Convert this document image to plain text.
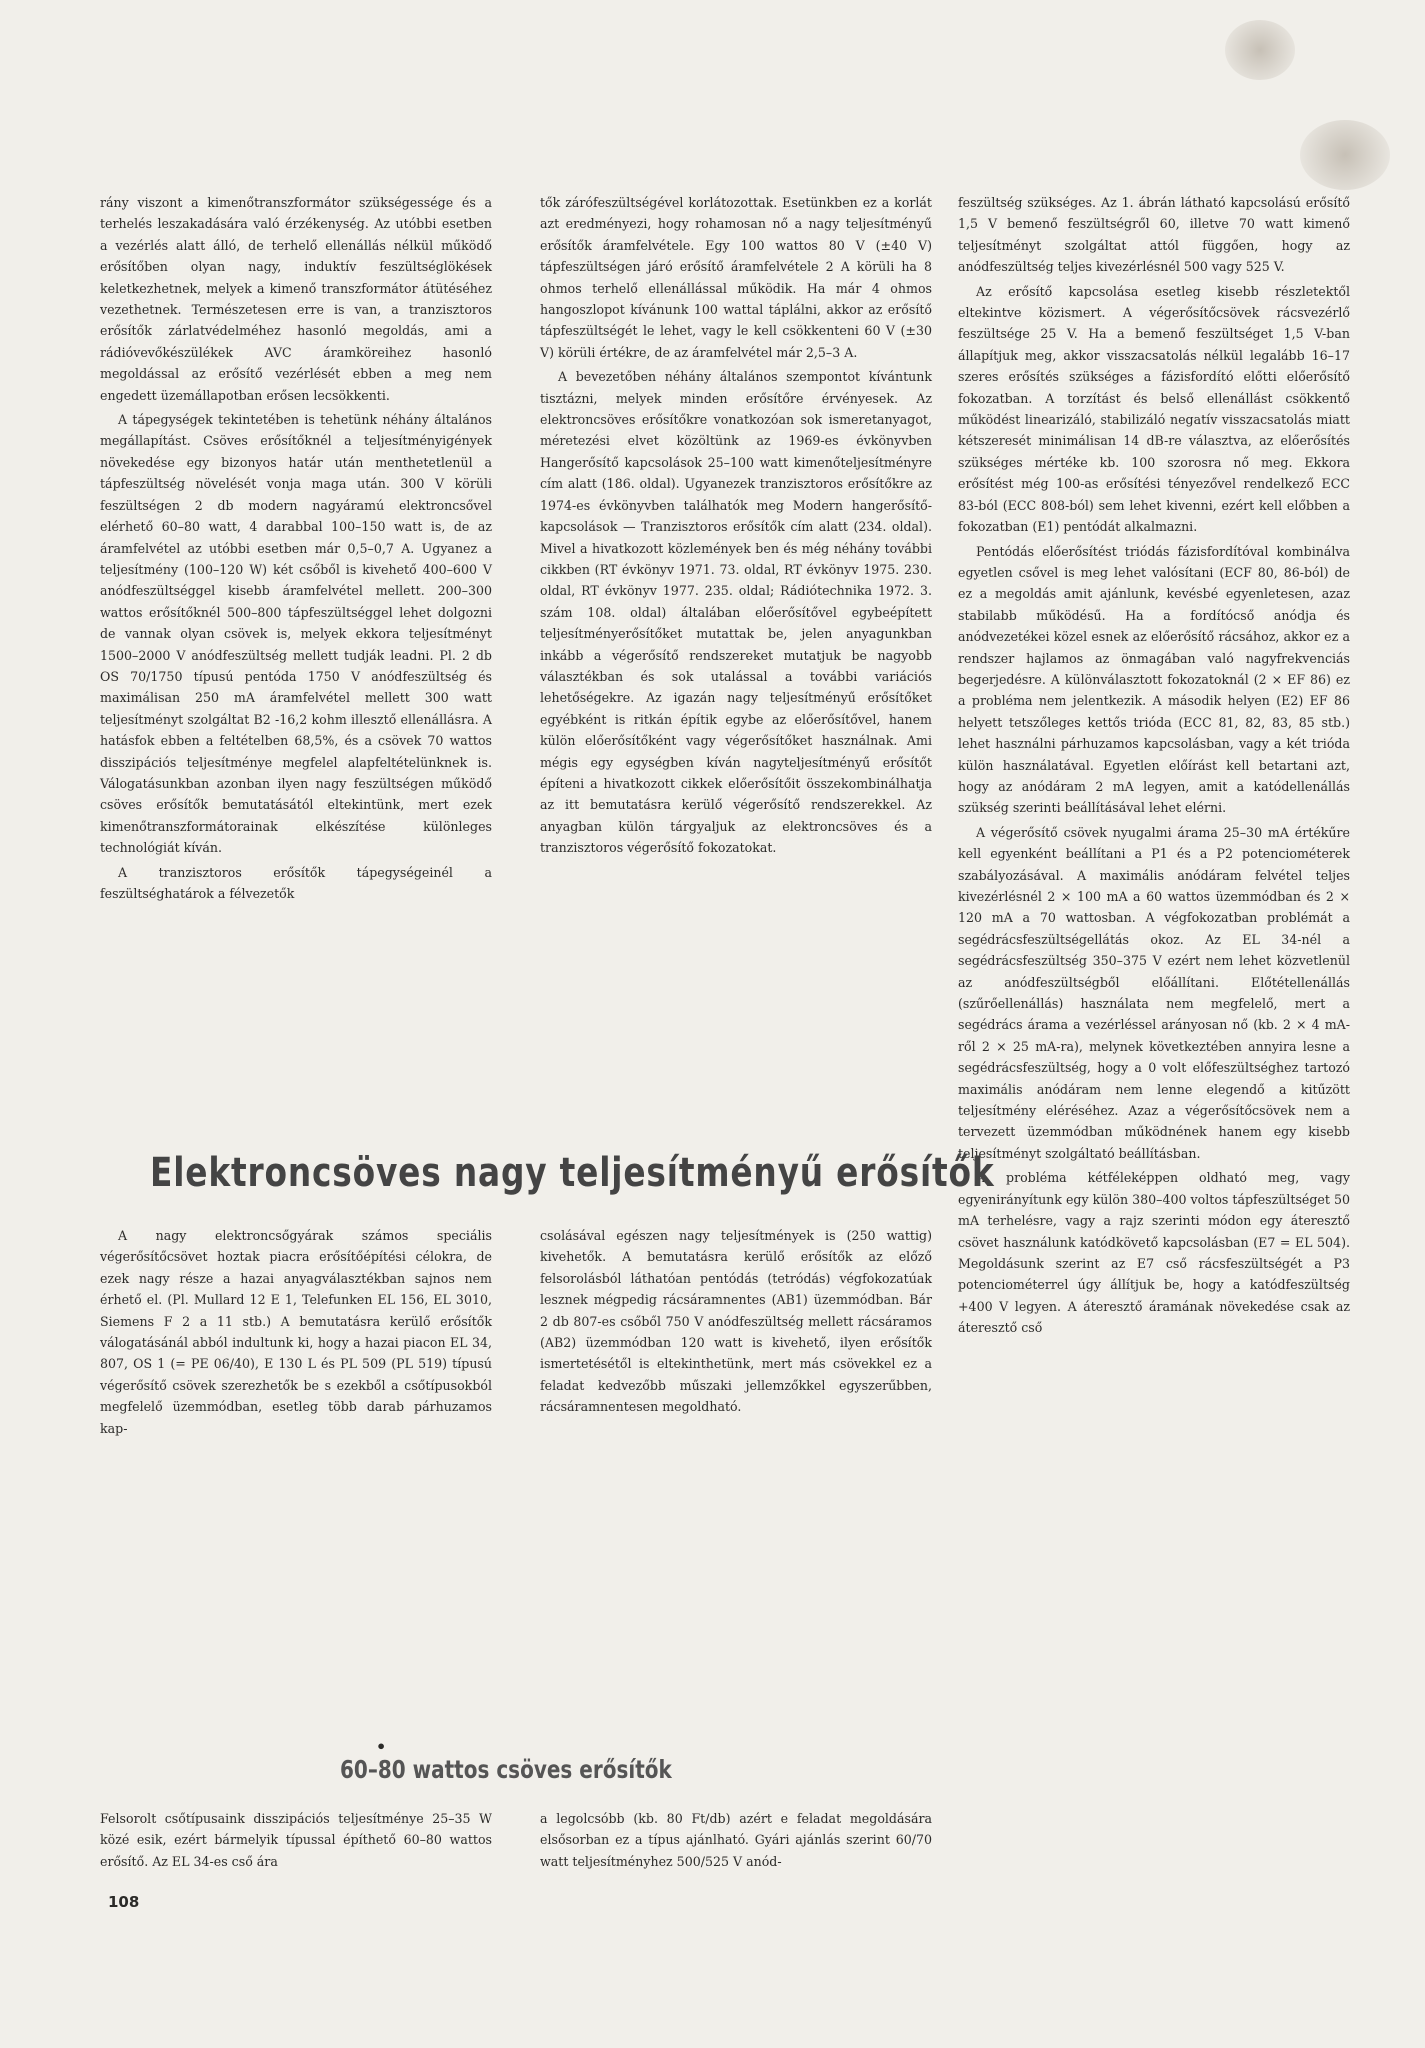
rány viszont a kimenőtranszformátor szükségessége és a terhelés leszakadására való érzékenység. Az utóbbi esetben a vezérlés alatt álló, de terhelő ellenállás nélkül működő erősítőben olyan nagy, induktív feszültséglökések keletkezhetnek, melyek a kimenő transzformátor átütéséhez vezethetnek. Természetesen erre is van, a tranzisztoros erősítők zárlatvédelméhez hasonló megoldás, ami a rádióvevőkészülékek AVC áramköreihez hasonló megoldással az erősítő vezérlését ebben a meg nem engedett üzemállapotban erősen lecsökkenti.

A tápegységek tekintetében is tehetünk néhány általános megállapítást. Csöves erősítőknél a teljesítményigények növekedése egy bizonyos határ után menthetetlenül a tápfeszültség növelését vonja maga után. 300 V körüli feszültségen 2 db modern nagyáramú elektroncsővel elérhető 60–80 watt, 4 darabbal 100–150 watt is, de az áramfelvétel az utóbbi esetben már 0,5–0,7 A. Ugyanez a teljesítmény (100–120 W) két csőből is kivehető 400–600 V anódfeszültséggel kisebb áramfelvétel mellett. 200–300 wattos erősítőknél 500–800 tápfeszültséggel lehet dolgozni de vannak olyan csövek is, melyek ekkora teljesítményt 1500–2000 V anódfeszültség mellett tudják leadni. Pl. 2 db OS 70/1750 típusú pentóda 1750 V anódfeszültség és maximálisan 250 mA áramfelvétel mellett 300 watt teljesítményt szolgáltat B2 -16,2 kohm illesztő ellenállásra. A hatásfok ebben a feltételben 68,5%, és a csövek 70 wattos disszipációs teljesítménye megfelel alapfeltételünknek is. Válogatásunkban azonban ilyen nagy feszültségen működő csöves erősítők bemutatásától eltekintünk, mert ezek kimenőtranszformátorainak elkészítése különleges technológiát kíván.

A tranzisztoros erősítők tápegységeinél a feszültséghatárok a félvezetők

tők zárófeszültségével korlátozottak. Esetünkben ez a korlát azt eredményezi, hogy rohamosan nő a nagy teljesítményű erősítők áramfelvétele. Egy 100 wattos 80 V (±40 V) tápfeszültségen járó erősítő áramfelvétele 2 A körüli ha 8 ohmos terhelő ellenállással működik. Ha már 4 ohmos hangoszlopot kívánunk 100 wattal táplálni, akkor az erősítő tápfeszültségét le lehet, vagy le kell csökkenteni 60 V (±30 V) körüli értékre, de az áramfelvétel már 2,5–3 A.

A bevezetőben néhány általános szempontot kívántunk tisztázni, melyek minden erősítőre érvényesek. Az elektroncsöves erősítőkre vonatkozóan sok ismeretanyagot, méretezési elvet közöltünk az 1969-es évkönyvben Hangerősítő kapcsolások 25–100 watt kimenőteljesítményre cím alatt (186. oldal). Ugyanezek tranzisztoros erősítőkre az 1974-es évkönyvben találhatók meg Modern hangerősítő-kapcsolások — Tranzisztoros erősítők cím alatt (234. oldal). Mivel a hivatkozott közlemények ben és még néhány további cikkben (RT évkönyv 1971. 73. oldal, RT évkönyv 1975. 230. oldal, RT évkönyv 1977. 235. oldal; Rádiótechnika 1972. 3. szám 108. oldal) általában előerősítővel egybeépített teljesítményerősítőket mutattak be, jelen anyagunkban inkább a végerősítő rendszereket mutatjuk be nagyobb választékban és sok utalással a további variációs lehetőségekre. Az igazán nagy teljesítményű erősítőket egyébként is ritkán építik egybe az előerősítővel, hanem külön előerősítőként vagy végerősítőket használnak. Ami mégis egy egységben kíván nagyteljesítményű erősítőt építeni a hivatkozott cikkek előerősítőit összekombinálhatja az itt bemutatásra kerülő végerősítő rendszerekkel. Az anyagban külön tárgyaljuk az elektroncsöves és a tranzisztoros végerősítő fokozatokat.

feszültség szükséges. Az 1. ábrán látható kapcsolású erősítő 1,5 V bemenő feszültségről 60, illetve 70 watt kimenő teljesítményt szolgáltat attól függően, hogy az anódfeszültség teljes kivezérlésnél 500 vagy 525 V.

Az erősítő kapcsolása esetleg kisebb részletektől eltekintve közismert. A végerősítőcsövek rácsvezérlő feszültsége 25 V. Ha a bemenő feszültséget 1,5 V-ban állapítjuk meg, akkor visszacsatolás nélkül legalább 16–17 szeres erősítés szükséges a fázisfordító előtti előerősítő fokozatban. A torzítást és belső ellenállást csökkentő működést linearizáló, stabilizáló negatív visszacsatolás miatt kétszeresét minimálisan 14 dB-re választva, az előerősítés szükséges mértéke kb. 100 szorosra nő meg. Ekkora erősítést még 100-as erősítési tényezővel rendelkező ECC 83-ból (ECC 808-ból) sem lehet kivenni, ezért kell előbben a fokozatban (E1) pentódát alkalmazni.

Pentódás előerősítést triódás fázisfordítóval kombinálva egyetlen csővel is meg lehet valósítani (ECF 80, 86-ból) de ez a megoldás amit ajánlunk, kevésbé egyenletesen, azaz stabilabb működésű. Ha a fordítócső anódja és anódvezetékei közel esnek az előerősítő rácsához, akkor ez a rendszer hajlamos az önmagában való nagyfrekvenciás begerjedésre. A különválasztott fokozatoknál (2 × EF 86) ez a probléma nem jelentkezik. A második helyen (E2) EF 86 helyett tetszőleges kettős trióda (ECC 81, 82, 83, 85 stb.) lehet használni párhuzamos kapcsolásban, vagy a két trióda külön használatával. Egyetlen előírást kell betartani azt, hogy az anódáram 2 mA legyen, amit a katódellenállás szükség szerinti beállításával lehet elérni.

A végerősítő csövek nyugalmi árama 25–30 mA értékűre kell egyenként beállítani a P1 és a P2 potenciométerek szabályozásával. A maximális anódáram felvétel teljes kivezérlésnél 2 × 100 mA a 60 wattos üzemmódban és 2 × 120 mA a 70 wattosban. A végfokozatban problémát a segédrácsfeszültségellátás okoz. Az EL 34-nél a segédrácsfeszültség 350–375 V ezért nem lehet közvetlenül az anódfeszültségből előállítani. Előtétellenállás (szűrőellenállás) használata nem megfelelő, mert a segédrács árama a vezérléssel arányosan nő (kb. 2 × 4 mA-ről 2 × 25 mA-ra), melynek következtében annyira lesne a segédrácsfeszültség, hogy a 0 volt előfeszültséghez tartozó maximális anódáram nem lenne elegendő a kitűzött teljesítmény eléréséhez. Azaz a végerősítőcsövek nem a tervezett üzemmódban működnének hanem egy kisebb teljesítményt szolgáltató beállításban.

A probléma kétféleképpen oldható meg, vagy egyenirányítunk egy külön 380–400 voltos tápfeszültséget 50 mA terhelésre, vagy a rajz szerinti módon egy áteresztő csövet használunk katódkövető kapcsolásban (E7 = EL 504). Megoldásunk szerint az E7 cső rácsfeszültségét a P3 potenciométerrel úgy állítjuk be, hogy a katódfeszültség +400 V legyen. A áteresztő áramának növekedése csak az áteresztő cső

Elektroncsöves nagy teljesítményű erősítők

A nagy elektroncsőgyárak számos speciális végerősítőcsövet hoztak piacra erősítőépítési célokra, de ezek nagy része a hazai anyagválasztékban sajnos nem érhető el. (Pl. Mullard 12 E 1, Telefunken EL 156, EL 3010, Siemens F 2 a 11 stb.) A bemutatásra kerülő erősítők válogatásánál abból indultunk ki, hogy a hazai piacon EL 34, 807, OS 1 (= PE 06/40), E 130 L és PL 509 (PL 519) típusú végerősítő csövek szerezhetők be s ezekből a csőtípusokból megfelelő üzemmódban, esetleg több darab párhuzamos kap-

csolásával egészen nagy teljesítmények is (250 wattig) kivehetők. A bemutatásra kerülő erősítők az előző felsorolásból láthatóan pentódás (tetródás) végfokozatúak lesznek mégpedig rácsáramnentes (AB1) üzemmódban. Bár 2 db 807-es csőből 750 V anódfeszültség mellett rácsáramos (AB2) üzemmódban 120 watt is kivehető, ilyen erősítők ismertetésétől is eltekinthetünk, mert más csövekkel ez a feladat kedvezőbb műszaki jellemzőkkel egyszerűbben, rácsáramnentesen megoldható.

•
60–80 wattos csöves erősítők

Felsorolt csőtípusaink disszipációs teljesítménye 25–35 W közé esik, ezért bármelyik típussal építhető 60–80 wattos erősítő. Az EL 34-es cső ára

a legolcsóbb (kb. 80 Ft/db) azért e feladat megoldására elsősorban ez a típus ajánlható. Gyári ajánlás szerint 60/70 watt teljesítményhez 500/525 V anód-

108
